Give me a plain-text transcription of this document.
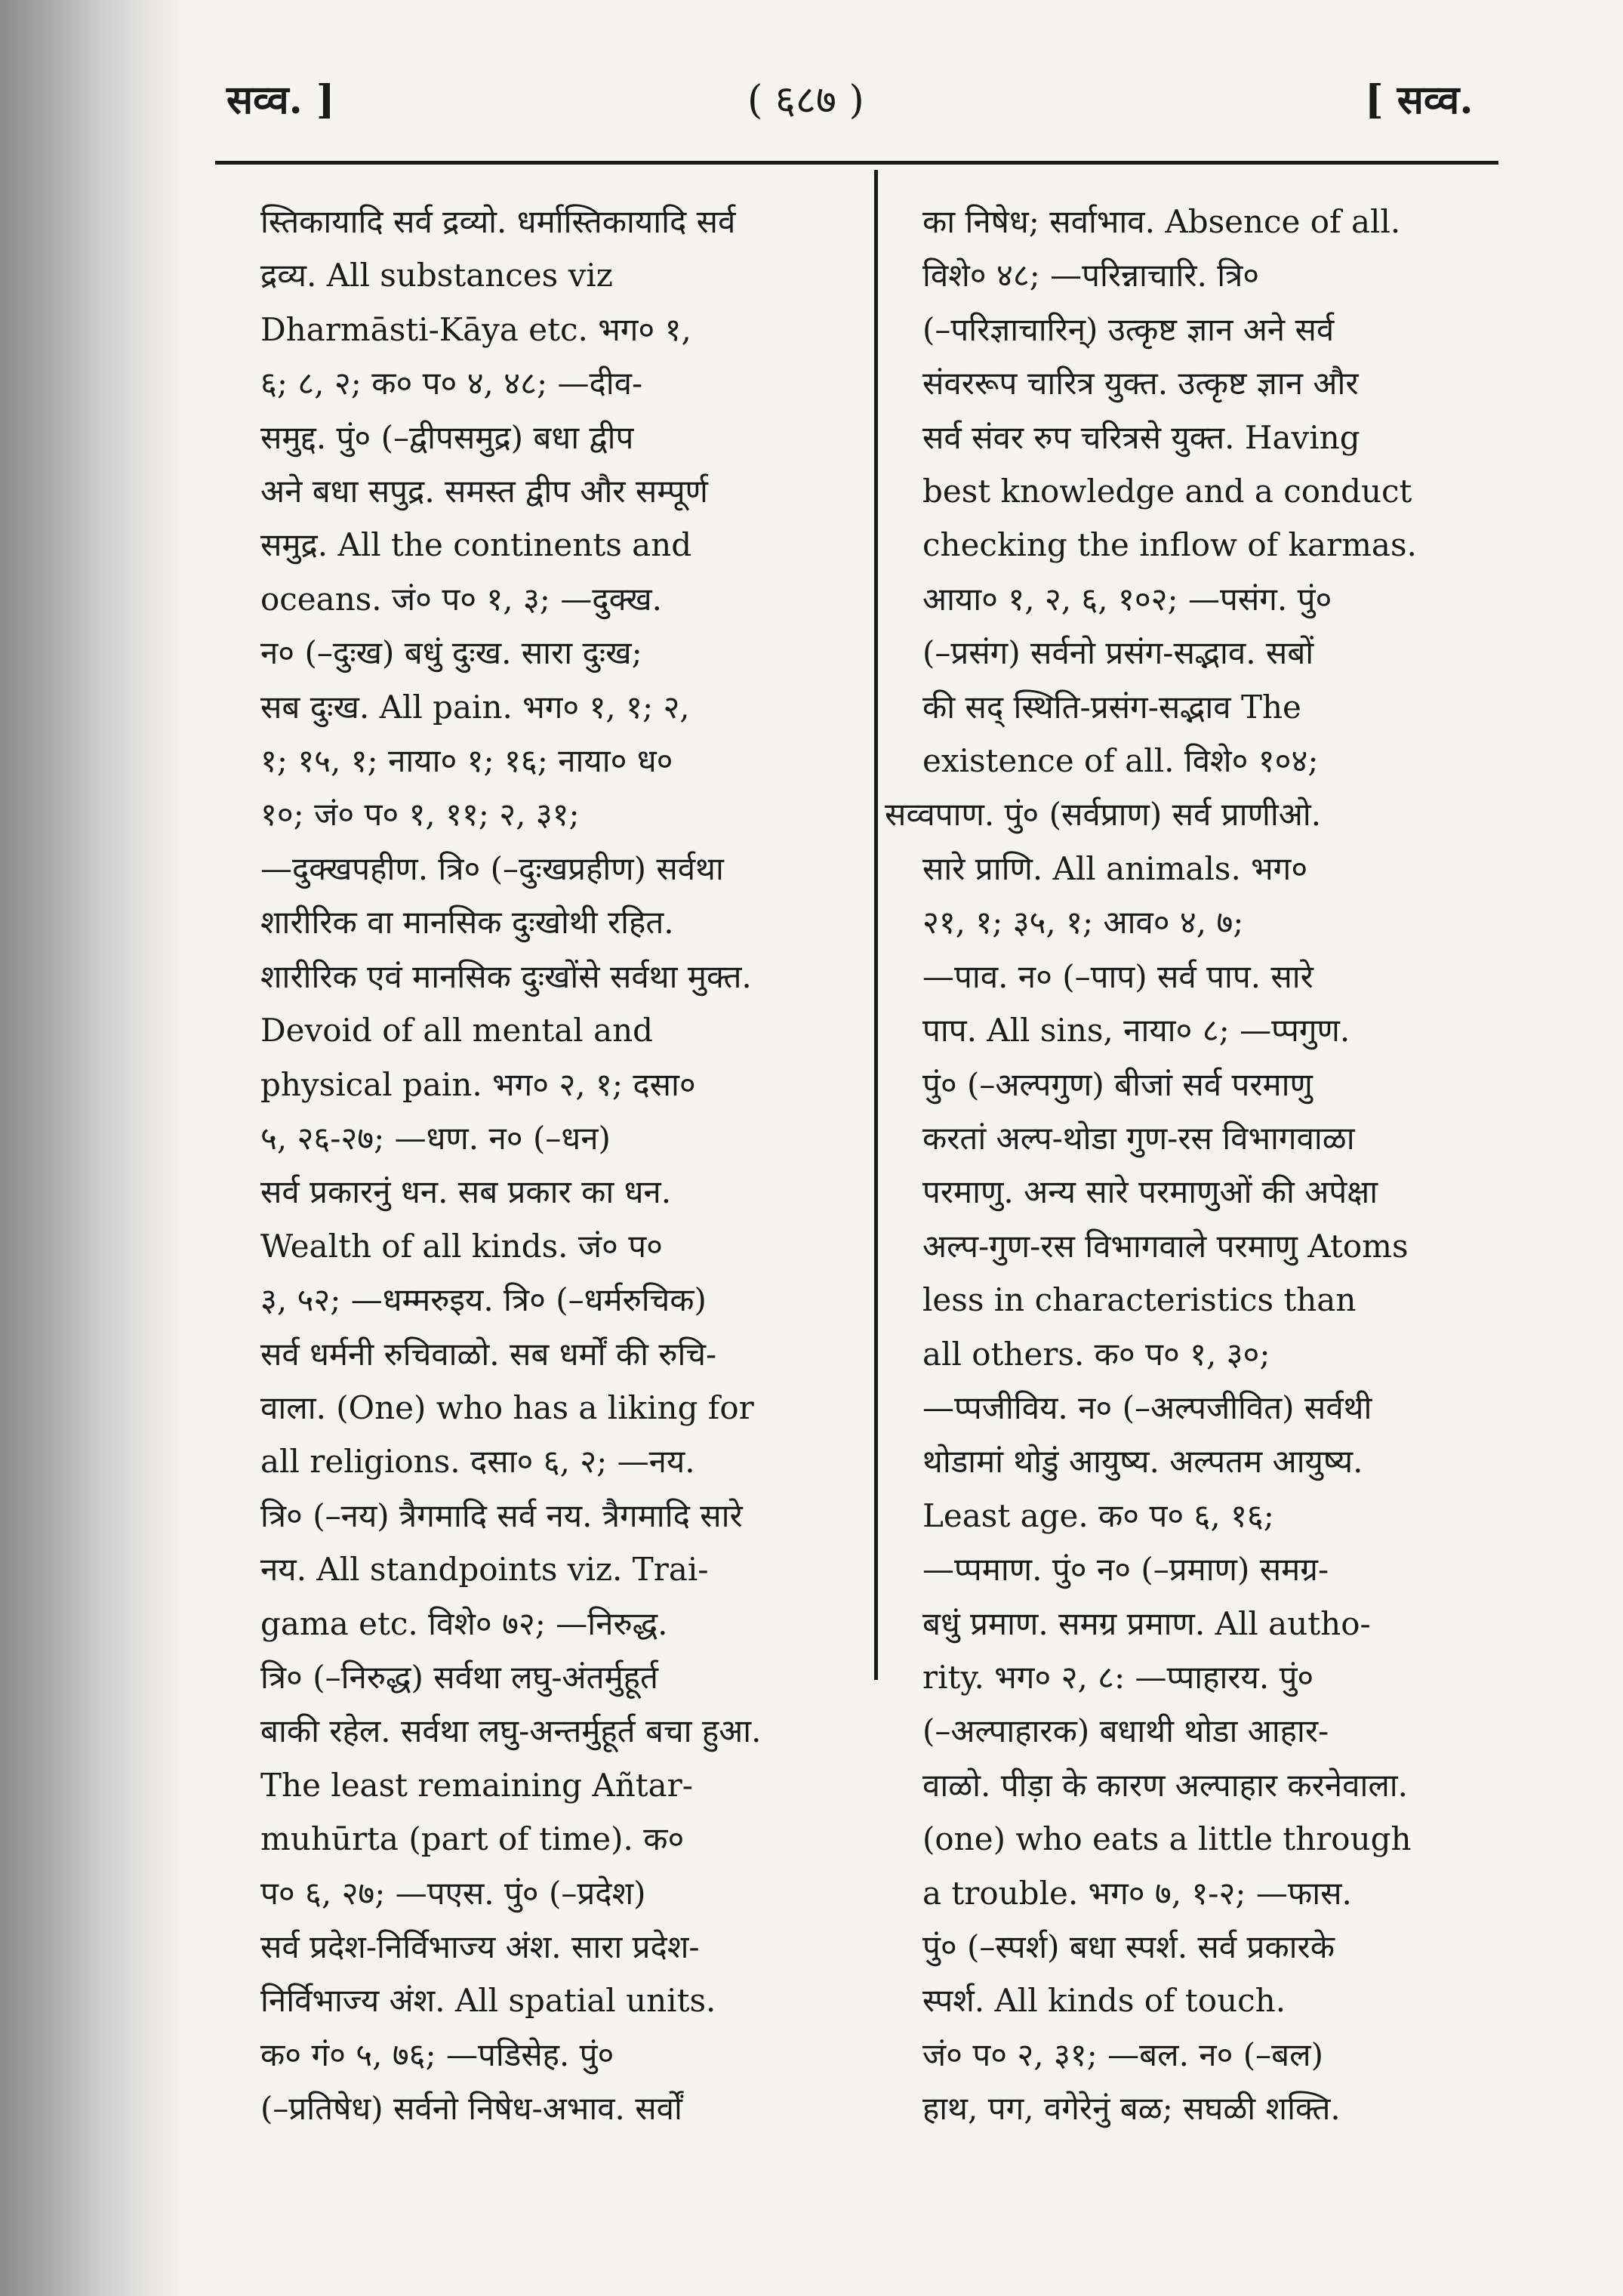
सव्व. ]	( ६८७ )	[ सव्व.
स्तिकायादि सर्व द्रव्यो. धर्मास्तिकायादि सर्व
द्रव्य. All substances viz
Dharmāsti-Kāya etc. भग० १,
६; ८, २; क० प० ४, ४८; —दीव-
समुद्द. पुं० (–द्वीपसमुद्र) बधा द्वीप
अने बधा सपुद्र. समस्त द्वीप और सम्पूर्ण
समुद्र. All the continents and
oceans. जं० प० १, ३; —दुक्ख.
न० (–दुःख) बधुं दुःख. सारा दुःख;
सब दुःख. All pain. भग० १, १; २,
१; १५, १; नाया० १; १६; नाया० ध०
१०; जं० प० १, ११; २, ३१;
—दुक्खपहीण. त्रि० (–दुःखप्रहीण) सर्वथा
शारीरिक वा मानसिक दुःखोथी रहित.
शारीरिक एवं मानसिक दुःखोंसे सर्वथा मुक्त.
Devoid of all mental and
physical pain. भग० २, १; दसा०
५, २६-२७; —धण. न० (–धन)
सर्व प्रकारनुं धन. सब प्रकार का धन.
Wealth of all kinds. जं० प०
३, ५२; —धम्मरुइय. त्रि० (–धर्मरुचिक)
सर्व धर्मनी रुचिवाळो. सब धर्मों की रुचि-
वाला. (One) who has a liking for
all religions. दसा० ६, २; —नय.
त्रि० (–नय) त्रैगमादि सर्व नय. त्रैगमादि सारे
नय. All standpoints viz. Trai-
gama etc. विशे० ७२; —निरुद्ध.
त्रि० (–निरुद्ध) सर्वथा लघु-अंतर्मुहूर्त
बाकी रहेल. सर्वथा लघु-अन्तर्मुहूर्त बचा हुआ.
The least remaining Añtar-
muhūrta (part of time). क०
प० ६, २७; —पएस. पुं० (–प्रदेश)
सर्व प्रदेश-निर्विभाज्य अंश. सारा प्रदेश-
निर्विभाज्य अंश. All spatial units.
क० गं० ५, ७६; —पडिसेह. पुं०
(–प्रतिषेध) सर्वनो निषेध-अभाव. सर्वों
का निषेध; सर्वाभाव. Absence of all.
विशे० ४८; —परिन्नाचारि. त्रि०
(–परिज्ञाचारिन्) उत्कृष्ट ज्ञान अने सर्व
संवररूप चारित्र युक्त. उत्कृष्ट ज्ञान और
सर्व संवर रुप चरित्रसे युक्त. Having
best knowledge and a conduct
checking the inflow of karmas.
आया० १, २, ६, १०२; —पसंग. पुं०
(–प्रसंग) सर्वनो प्रसंग-सद्भाव. सबों
की सद् स्थिति-प्रसंग-सद्भाव The
existence of all. विशे० १०४;
सव्वपाण. पुं० (सर्वप्राण) सर्व प्राणीओ.
सारे प्राणि. All animals. भग०
२१, १; ३५, १; आव० ४, ७;
—पाव. न० (–पाप) सर्व पाप. सारे
पाप. All sins, नाया० ८; —प्पगुण.
पुं० (–अल्पगुण) बीजां सर्व परमाणु
करतां अल्प-थोडा गुण-रस विभागवाळा
परमाणु. अन्य सारे परमाणुओं की अपेक्षा
अल्प-गुण-रस विभागवाले परमाणु Atoms
less in characteristics than
all others. क० प० १, ३०;
—प्पजीविय. न० (–अल्पजीवित) सर्वथी
थोडामां थोडुं आयुष्य. अल्पतम आयुष्य.
Least age. क० प० ६, १६;
—प्पमाण. पुं० न० (–प्रमाण) समग्र-
बधुं प्रमाण. समग्र प्रमाण. All autho-
rity. भग० २, ८: —प्पाहारय. पुं०
(–अल्पाहारक) बधाथी थोडा आहार-
वाळो. पीड़ा के कारण अल्पाहार करनेवाला.
(one) who eats a little through
a trouble. भग० ७, १-२; —फास.
पुं० (–स्पर्श) बधा स्पर्श. सर्व प्रकारके
स्पर्श. All kinds of touch.
जं० प० २, ३१; —बल. न० (–बल)
हाथ, पग, वगेरेनुं बळ; सघळी शक्ति.
